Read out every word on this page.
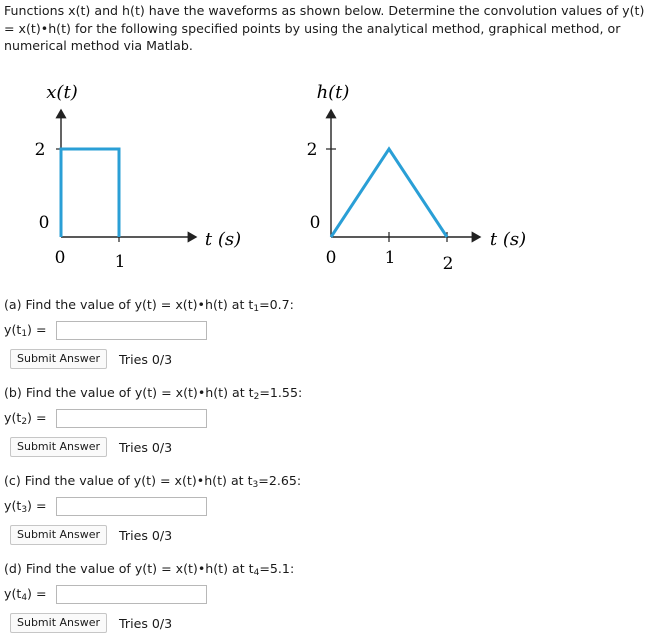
Functions x(t) and h(t) have the waveforms as shown below. Determine the convolution values of y(t) = x(t)•h(t) for the following specified points by using the analytical method, graphical method, or numerical method via Matlab.
x(t)
2
0
0	1
t (s)
h(t)
2
0
0	1	2
t (s)
(a) Find the value of y(t) = x(t)•h(t) at $t_1=0.7$:
$y(t_1)$ =
Submit Answer	Tries 0/3
(b) Find the value of y(t) = x(t)•h(t) at $t_2=1.55$:
$y(t_2)$ =
Submit Answer	Tries 0/3
(c) Find the value of y(t) = x(t)•h(t) at $t_3=2.65$:
$y(t_3)$ =
Submit Answer	Tries 0/3
(d) Find the value of y(t) = x(t)•h(t) at $t_4=5.1$:
$y(t_4)$ =
Submit Answer	Tries 0/3
